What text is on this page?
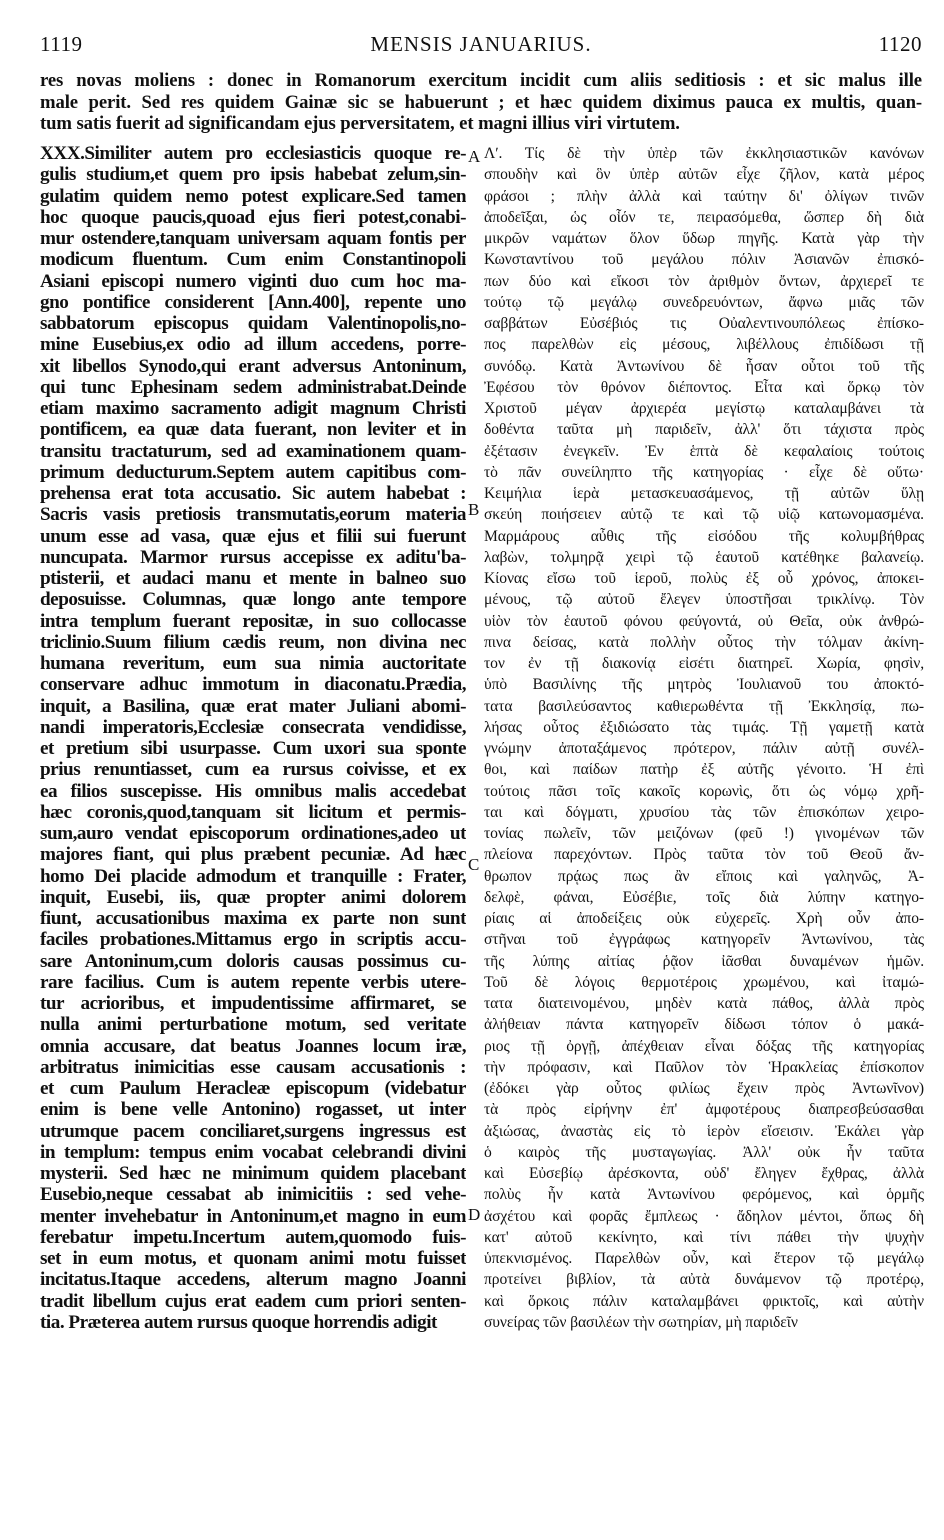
1119	MENSIS JANUARIUS.	1120
res novas moliens : donec in Romanorum exercitum incidit cum aliis seditiosis : et sic malus ille
male perit. Sed res quidem Gainæ sic se habuerunt ; et hæc quidem diximus pauca ex multis, quan-
tum satis fuerit ad significandam ejus perversitatem, et magni illius viri virtutem.
XXX.Similiter autem pro ecclesiasticis quoque re-
gulis studium,et quem pro ipsis habebat zelum,sin-
gulatim quidem nemo potest explicare.Sed tamen
hoc quoque paucis,quoad ejus fieri potest,conabi-
mur ostendere,tanquam universam aquam fontis per
modicum fluentum. Cum enim Constantinopoli
Asiani episcopi numero viginti duo cum hoc ma-
gno pontifice considerent [Ann.400], repente uno
sabbatorum episcopus quidam Valentinopolis,no-
mine Eusebius,ex odio ad illum accedens, porre-
xit libellos Synodo,qui erant adversus Antoninum,
qui tunc Ephesinam sedem administrabat.Deinde
etiam maximo sacramento adigit magnum Christi
pontificem, ea quæ data fuerant, non leviter et in
transitu tractaturum, sed ad examinationem quam-
primum deducturum.Septem autem capitibus com-
prehensa erat tota accusatio. Sic autem habebat :
Sacris vasis pretiosis transmutatis,eorum materia
unum esse ad vasa, quæ ejus et filii sui fuerunt
nuncupata. Marmor rursus accepisse ex aditu'ba-
ptisterii, et audaci manu et mente in balneo suo
deposuisse. Columnas, quæ longo ante tempore
intra templum fuerant repositæ, in suo collocasse
triclinio.Suum filium cædis reum, non divina nec
humana reveritum, eum sua nimia auctoritate
conservare adhuc immotum in diaconatu.Prædia,
inquit, a Basilina, quæ erat mater Juliani abomi-
nandi imperatoris,Ecclesiæ consecrata vendidisse,
et pretium sibi usurpasse. Cum uxori sua sponte
prius renuntiasset, cum ea rursus coivisse, et ex
ea filios suscepisse. His omnibus malis accedebat
hæc coronis,quod,tanquam sit licitum et permis-
sum,auro vendat episcoporum ordinationes,adeo ut
majores fiant, qui plus præbent pecuniæ. Ad hæc
homo Dei placide admodum et tranquille : Frater,
inquit, Eusebi, iis, quæ propter animi dolorem
fiunt, accusationibus maxima ex parte non sunt
faciles probationes.Mittamus ergo in scriptis accu-
sare Antoninum,cum doloris causas possimus cu-
rare facilius. Cum is autem repente verbis utere-
tur acrioribus, et impudentissime affirmaret, se
nulla animi perturbatione motum, sed veritate
omnia accusare, dat beatus Joannes locum iræ,
arbitratus inimicitias esse causam accusationis :
et cum Paulum Heracleæ episcopum (videbatur
enim is bene velle Antonino) rogasset, ut inter
utrumque pacem conciliaret,surgens ingressus est
in templum: tempus enim vocabat celebrandi divini
mysterii. Sed hæc ne minimum quidem placebant
Eusebio,neque cessabat ab inimicitiis : sed vehe-
menter invehebatur in Antoninum,et magno in eum
ferebatur impetu.Incertum autem,quomodo fuis-
set in eum motus, et quonam animi motu fuisset
incitatus.Itaque accedens, alterum magno Joanni
tradit libellum cujus erat eadem cum priori senten-
tia. Præterea autem rursus quoque horrendis adigit
Λʹ. Τίς δὲ τὴν ὑπὲρ τῶν ἐκκλησιαστικῶν κανόνων
σπουδὴν καὶ ὃν ὑπὲρ αὐτῶν εἶχε ζῆλον, κατὰ μέρος
φράσοι ; πλὴν ἀλλὰ καὶ ταύτην δι' ὀλίγων τινῶν
ἀποδεῖξαι, ὡς οἷόν τε, πειρασόμεθα, ὥσπερ δὴ διὰ
μικρῶν ναμάτων ὅλον ὕδωρ πηγῆς. Κατὰ γὰρ τὴν
Κωνσταντίνου τοῦ μεγάλου πόλιν Ἀσιανῶν ἐπισκό-
πων δύο καὶ εἴκοσι τὸν ἀριθμὸν ὄντων, ἀρχιερεῖ τε
τούτῳ τῷ μεγάλῳ συνεδρευόντων, ἄφνω μιᾶς τῶν
σαββάτων Εὐσέβιός τις Οὐαλεντινουπόλεως ἐπίσκο-
πος παρελθὼν εἰς μέσους, λιβέλλους ἐπιδίδωσι τῇ
συνόδῳ. Κατὰ Ἀντωνίνου δὲ ἦσαν οὗτοι τοῦ τῆς
Ἐφέσου τὸν θρόνον διέποντος. Εἶτα καὶ ὅρκῳ τὸν
Χριστοῦ μέγαν ἀρχιερέα μεγίστῳ καταλαμβάνει τὰ
δοθέντα ταῦτα μὴ παριδεῖν, ἀλλ' ὅτι τάχιστα πρὸς
ἐξέτασιν ἐνεγκεῖν. Ἐν ἑπτὰ δὲ κεφαλαίοις τούτοις
τὸ πᾶν συνείληπτο τῆς κατηγορίας · εἶχε δὲ οὕτω·
Κειμήλια ἱερὰ μετασκευασάμενος, τῇ αὐτῶν ὕλῃ
σκεύη ποιήσειεν αὑτῷ τε καὶ τῷ υἱῷ κατωνομασμένα.
Μαρμάρους αὖθις τῆς εἰσόδου τῆς κολυμβήθρας
λαβὼν, τολμηρᾷ χειρὶ τῷ ἑαυτοῦ κατέθηκε βαλανείῳ.
Κίονας εἴσω τοῦ ἱεροῦ, πολὺς ἐξ οὗ χρόνος, ἀποκει-
μένους, τῷ αὐτοῦ ἔλεγεν ὑποστῆσαι τρικλίνῳ. Τὸν
υἱὸν τὸν ἑαυτοῦ φόνου φεύγοντά, οὐ Θεῖα, οὐκ ἀνθρώ-
πινα δείσας, κατὰ πολλὴν οὗτος τὴν τόλμαν ἀκίνη-
τον ἐν τῇ διακονίᾳ εἰσέτι διατηρεῖ. Χωρία, φησὶν,
ὑπὸ Βασιλίνης τῆς μητρὸς Ἰουλιανοῦ του ἀποκτό-
τατα βασιλεύσαντος καθιερωθέντα τῇ Ἐκκλησίᾳ, πω-
λήσας οὗτος ἐξιδιώσατο τὰς τιμάς. Τῇ γαμετῇ κατὰ
γνώμην ἀποταξάμενος πρότερον, πάλιν αὐτῇ συνέλ-
θοι, καὶ παίδων πατὴρ ἐξ αὐτῆς γένοιτο. Ἡ ἐπὶ
τούτοις πᾶσι τοῖς κακοῖς κορωνὶς, ὅτι ὡς νόμῳ χρῆ-
ται καὶ δόγματι, χρυσίου τὰς τῶν ἐπισκόπων χειρο-
τονίας πωλεῖν, τῶν μειζόνων (φεῦ !) γινομένων τῶν
πλείονα παρεχόντων. Πρὸς ταῦτα τὸν τοῦ Θεοῦ ἄν-
θρωπον πρᾴως πως ἂν εἴποις καὶ γαληνῶς, Ἀ-
δελφὲ, φάναι, Εὐσέβιε, τοῖς διὰ λύπην κατηγο-
ρίαις αἱ ἀποδείξεις οὐκ εὐχερεῖς. Χρὴ οὖν ἀπο-
στῆναι τοῦ ἐγγράφως κατηγορεῖν Ἀντωνίνου, τὰς
τῆς λύπης αἰτίας ῥᾷον ἰᾶσθαι δυναμένων ἡμῶν.
Τοῦ δὲ λόγοις θερμοτέροις χρωμένου, καὶ ἰταμώ-
τατα διατεινομένου, μηδὲν κατὰ πάθος, ἀλλὰ πρὸς
ἀλήθειαν πάντα κατηγορεῖν δίδωσι τόπον ὁ μακά-
ριος τῇ ὀργῇ, ἀπέχθειαν εἶναι δόξας τῆς κατηγορίας
τὴν πρόφασιν, καὶ Παῦλον τὸν Ἡρακλείας ἐπίσκοπον
(ἐδόκει γὰρ οὗτος φιλίως ἔχειν πρὸς Ἀντωνῖνον)
τὰ πρὸς εἰρήνην ἐπ' ἀμφοτέρους διαπρεσβεύσασθαι
ἀξιώσας, ἀναστὰς εἰς τὸ ἱερὸν εἴσεισιν. Ἐκάλει γὰρ
ὁ καιρὸς τῆς μυσταγωγίας. Ἀλλ' οὐκ ἦν ταῦτα
καὶ Εὐσεβίῳ ἀρέσκοντα, οὐδ' ἔληγεν ἔχθρας, ἀλλὰ
πολὺς ἦν κατὰ Ἀντωνίνου φερόμενος, καὶ ὁρμῆς
ἀσχέτου καὶ φορᾶς ἔμπλεως · ἄδηλον μέντοι, ὅπως δὴ
κατ' αὐτοῦ κεκίνητο, καὶ τίνι πάθει τὴν ψυχὴν
ὑπεκνισμένος. Παρελθὼν οὖν, καὶ ἕτερον τῷ μεγάλῳ
προτείνει βιβλίον, τὰ αὐτὰ δυνάμενον τῷ προτέρῳ,
καὶ ὅρκοις πάλιν καταλαμβάνει φρικτοῖς, καὶ αὐτὴν
συνείρας τῶν βασιλέων τὴν σωτηρίαν, μὴ παριδεῖν
A
B
C
D
